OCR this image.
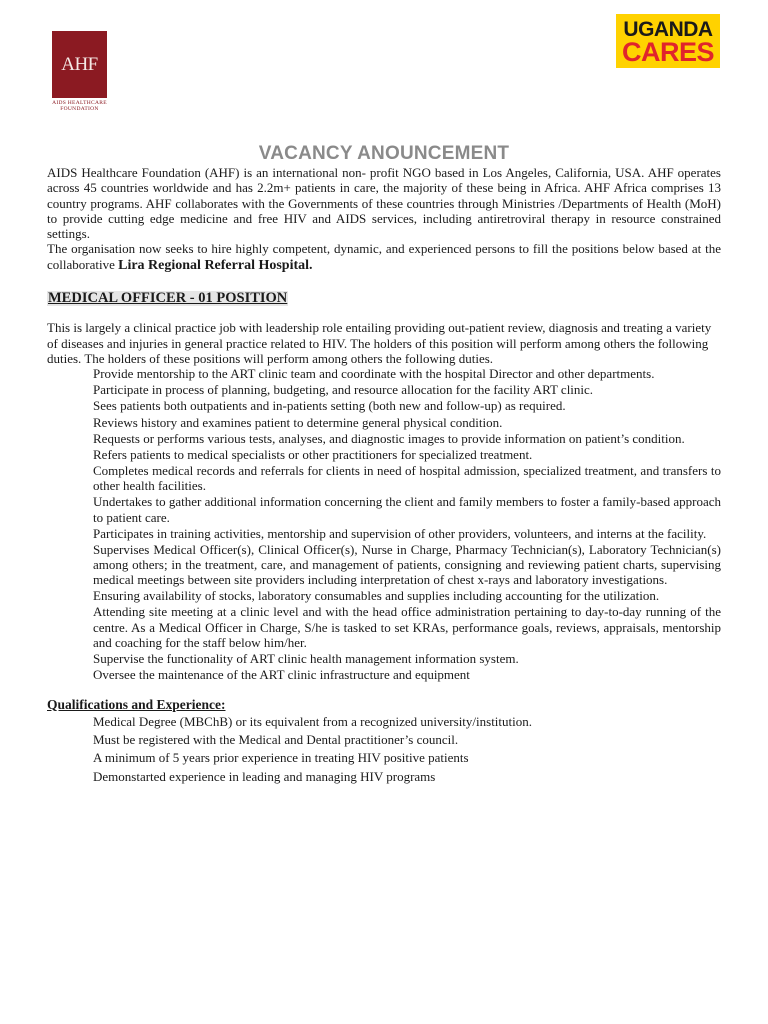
AHF
AIDS HEALTHCARE
FOUNDATION
UGANDA
CARES
VACANCY ANOUNCEMENT
AIDS Healthcare Foundation (AHF) is an international non- profit NGO based in Los Angeles, California, USA. AHF operates across 45 countries worldwide and has 2.2m+ patients in care, the majority of these being in Africa. AHF Africa comprises 13 country programs. AHF collaborates with the Governments of these countries through Ministries /Departments of Health (MoH) to provide cutting edge medicine and free HIV and AIDS services, including antiretroviral therapy in resource constrained settings.
The organisation now seeks to hire highly competent, dynamic, and experienced persons to fill the positions below based at the collaborative Lira Regional Referral Hospital.
MEDICAL OFFICER - 01 POSITION
This is largely a clinical practice job with leadership role entailing providing out-patient review, diagnosis and treating a variety of diseases and injuries in general practice related to HIV. The holders of this position will perform among others the following duties. The holders of these positions will perform among others the following duties.
Provide mentorship to the ART clinic team and coordinate with the hospital Director and other departments.
Participate in process of planning, budgeting, and resource allocation for the facility ART clinic.
Sees patients both outpatients and in-patients setting (both new and follow-up) as required.
Reviews history and examines patient to determine general physical condition.
Requests or performs various tests, analyses, and diagnostic images to provide information on patient’s condition.
Refers patients to medical specialists or other practitioners for specialized treatment.
Completes medical records and referrals for clients in need of hospital admission, specialized treatment, and transfers to other health facilities.
Undertakes to gather additional information concerning the client and family members to foster a family-based approach to patient care.
Participates in training activities, mentorship and supervision of other providers, volunteers, and interns at the facility.
Supervises Medical Officer(s), Clinical Officer(s), Nurse in Charge, Pharmacy Technician(s), Laboratory Technician(s) among others; in the treatment, care, and management of patients, consigning and reviewing patient charts, supervising medical meetings between site providers including interpretation of chest x-rays and laboratory investigations.
Ensuring availability of stocks, laboratory consumables and supplies including accounting for the utilization.
Attending site meeting at a clinic level and with the head office administration pertaining to day-to-day running of the centre. As a Medical Officer in Charge, S/he is tasked to set KRAs, performance goals, reviews, appraisals, mentorship and coaching for the staff below him/her.
Supervise the functionality of ART clinic health management information system.
Oversee the maintenance of the ART clinic infrastructure and equipment
Qualifications and Experience:
Medical Degree (MBChB) or its equivalent from a recognized university/institution.
Must be registered with the Medical and Dental practitioner’s council.
A minimum of 5 years prior experience in treating HIV positive patients
Demonstarted experience in leading and managing HIV programs
